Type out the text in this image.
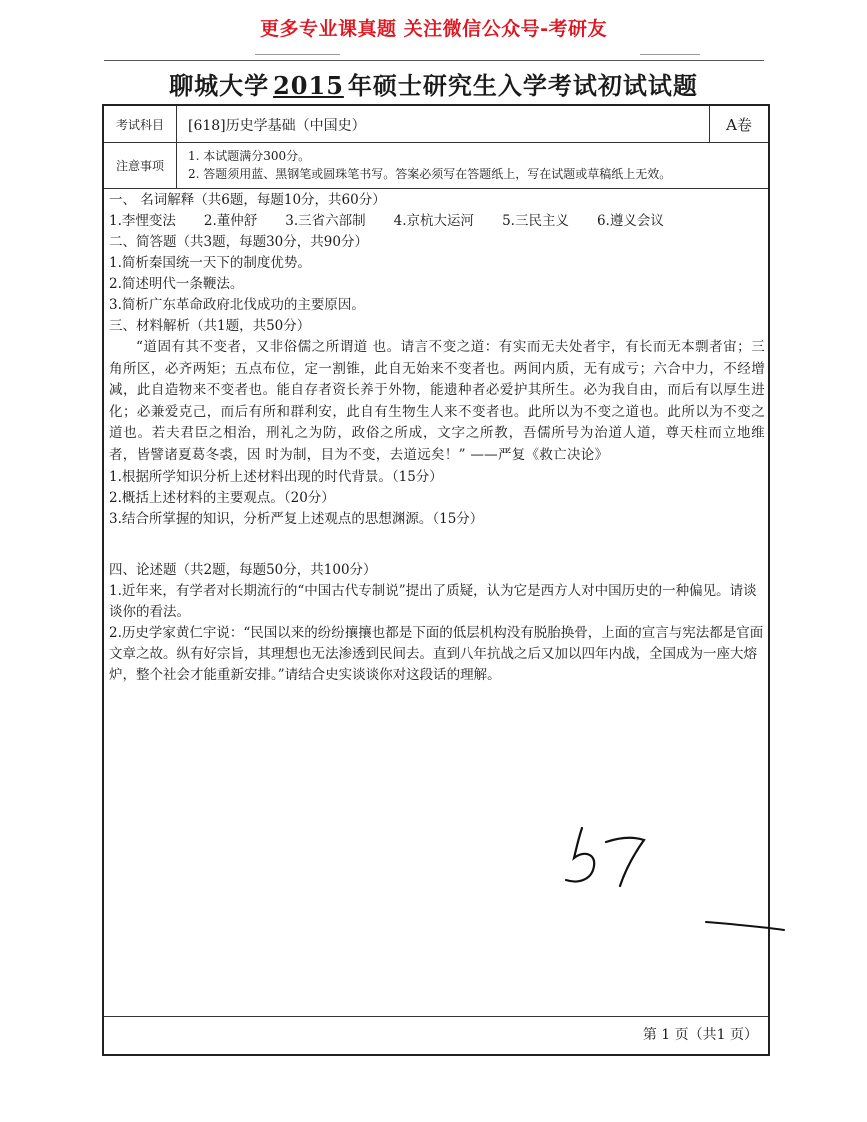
更多专业课真题 关注微信公众号-考研友
聊城大学 2015 年硕士研究生入学考试初试试题
考试科目	[618]历史学基础（中国史）	A卷
注意事项
1. 本试题满分300分。
2. 答题须用蓝、黑钢笔或圆珠笔书写。答案必须写在答题纸上，写在试题或草稿纸上无效。

一、 名词解释（共6题，每题10分，共60分）

1.李悝变法 2.董仲舒 3.三省六部制 4.京杭大运河 5.三民主义 6.遵义会议

二、简答题（共3题，每题30分，共90分）

1.简析秦国统一天下的制度优势。

2.简述明代一条鞭法。

3.简析广东革命政府北伐成功的主要原因。

三、材料解析（共1题，共50分）

“道固有其不变者，又非俗儒之所谓道 也。请言不变之道：有实而无夫处者宇，有长而无本剽者宙；三角所区，必齐两矩；五点布位，定一割锥，此自无始来不变者也。两间内质，无有成亏；六合中力，不经增减，此自造物来不变者也。能自存者资长养于外物，能遗种者必爱护其所生。必为我自由，而后有以厚生进化；必兼爱克己，而后有所和群利安，此自有生物生人来不变者也。此所以为不变之道也。此所以为不变之道也。若夫君臣之相治，刑礼之为防，政俗之所成，文字之所教，吾儒所号为治道人道，尊天柱而立地维者，皆譬诸夏葛冬裘，因 时为制，目为不变，去道远矣！” ——严复《救亡决论》

1.根据所学知识分析上述材料出现的时代背景。（15分）

2.概括上述材料的主要观点。（20分）

3.结合所掌握的知识，分析严复上述观点的思想渊源。（15分）

四、论述题（共2题，每题50分，共100分）

1.近年来，有学者对长期流行的“中国古代专制说”提出了质疑，认为它是西方人对中国历史的一种偏见。请谈谈你的看法。

2.历史学家黄仁宇说：“民国以来的纷纷攘攘也都是下面的低层机构没有脱胎换骨，上面的宣言与宪法都是官面文章之故。纵有好宗旨，其理想也无法渗透到民间去。直到八年抗战之后又加以四年内战，全国成为一座大熔炉，整个社会才能重新安排。”请结合史实谈谈你对这段话的理解。

第 1 页（共1 页）
